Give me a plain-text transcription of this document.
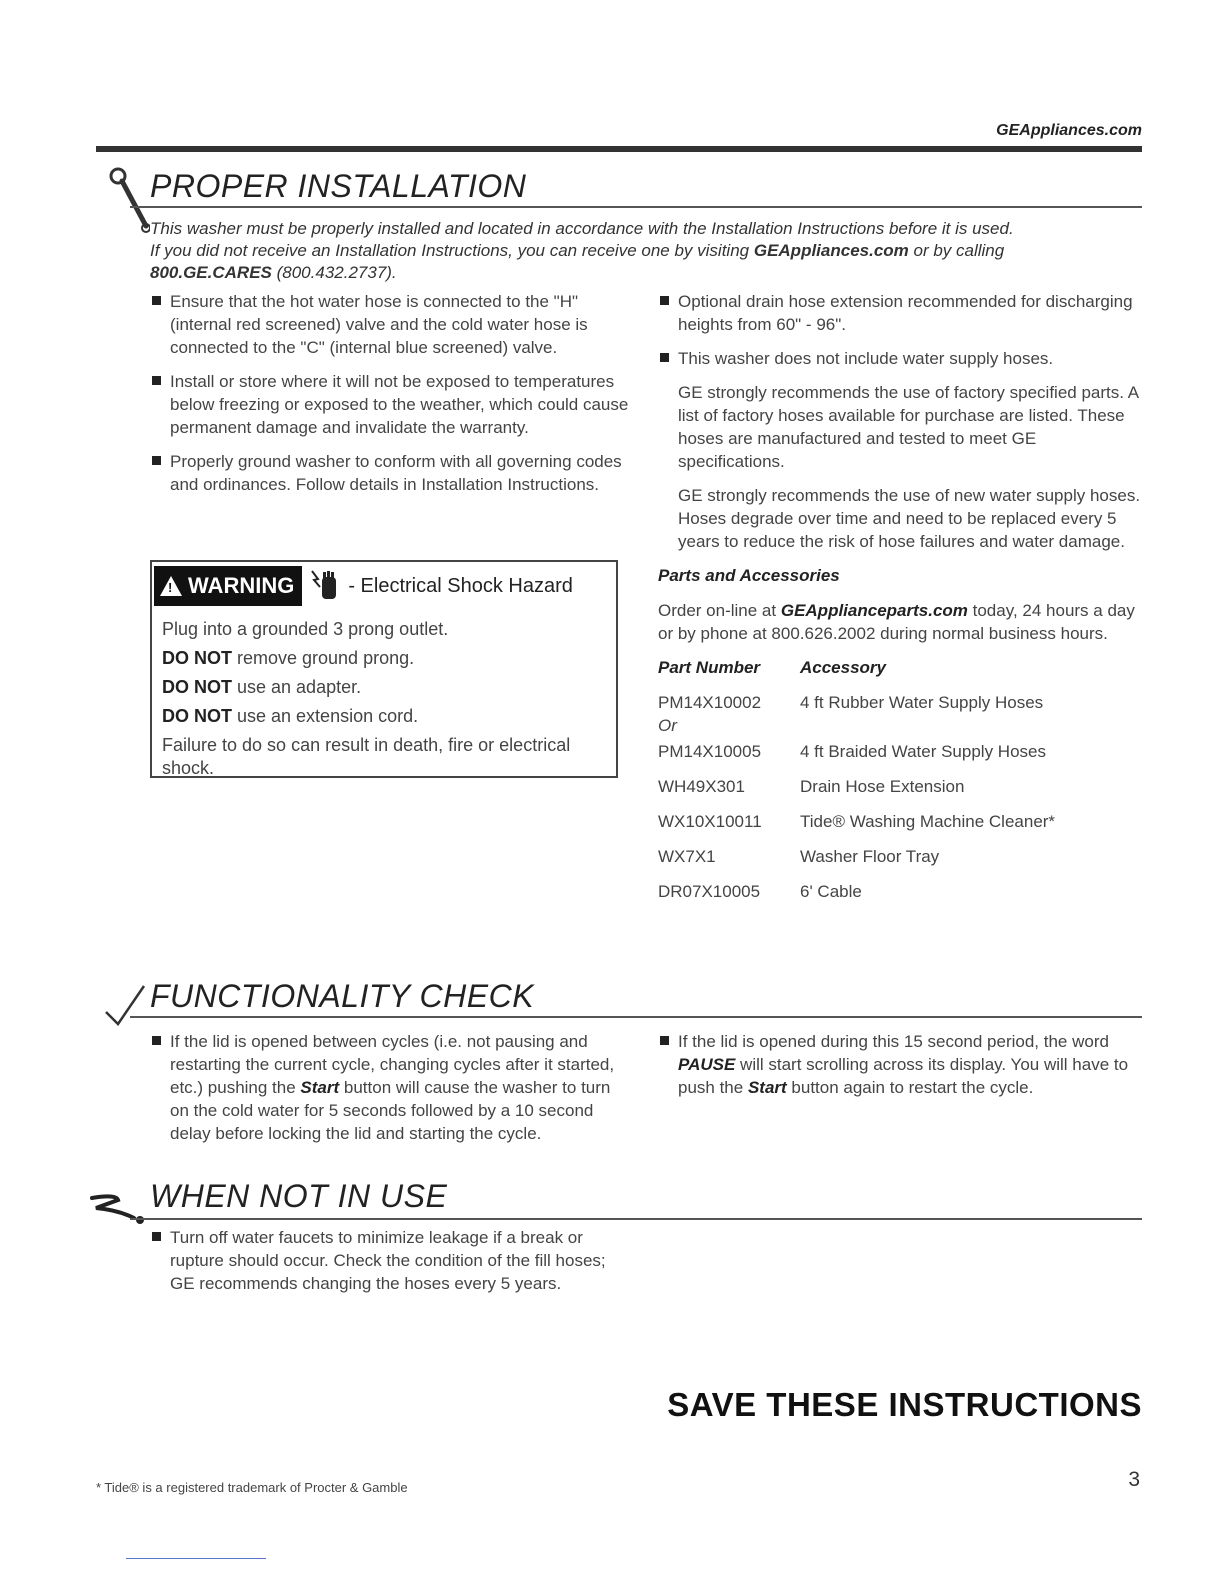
GEAppliances.com
PROPER INSTALLATION
This washer must be properly installed and located in accordance with the Installation Instructions before it is used.
If you did not receive an Installation Instructions, you can receive one by visiting GEAppliances.com or by calling
800.GE.CARES (800.432.2737).

Ensure that the hot water hose is connected to the "H" (internal red screened) valve and the cold water hose is connected to the "C" (internal blue screened) valve.

Install or store where it will not be exposed to temperatures below freezing or exposed to the weather, which could cause permanent damage and invalidate the warranty.

Properly ground washer to conform with all governing codes and ordinances. Follow details in Installation Instructions.

! WARNING	- Electrical Shock Hazard

Plug into a grounded 3 prong outlet.

DO NOT remove ground prong.

DO NOT use an adapter.

DO NOT use an extension cord.

Failure to do so can result in death, fire or electrical shock.

Optional drain hose extension recommended for discharging heights from 60" - 96".

This washer does not include water supply hoses.

GE strongly recommends the use of factory specified parts. A list of factory hoses available for purchase are listed. These hoses are manufactured and tested to meet GE specifications.

GE strongly recommends the use of new water supply hoses. Hoses degrade over time and need to be replaced every 5 years to reduce the risk of hose failures and water damage.

Parts and Accessories

Order on-line at GEApplianceparts.com today, 24 hours a day or by phone at 800.626.2002 during normal business hours.

Part Number	Accessory
PM14X10002	4 ft Rubber Water Supply Hoses
Or	
PM14X10005	4 ft Braided Water Supply Hoses
WH49X301	Drain Hose Extension
WX10X10011	Tide® Washing Machine Cleaner*
WX7X1	Washer Floor Tray
DR07X10005	6' Cable
FUNCTIONALITY CHECK

If the lid is opened between cycles (i.e. not pausing and restarting the current cycle, changing cycles after it started, etc.) pushing the Start button will cause the washer to turn on the cold water for 5 seconds followed by a 10 second delay before locking the lid and starting the cycle.

If the lid is opened during this 15 second period, the word PAUSE will start scrolling across its display. You will have to push the Start button again to restart the cycle.

WHEN NOT IN USE

Turn off water faucets to minimize leakage if a break or rupture should occur. Check the condition of the fill hoses; GE recommends changing the hoses every 5 years.

SAVE THESE INSTRUCTIONS
* Tide® is a registered trademark of Procter & Gamble	3
